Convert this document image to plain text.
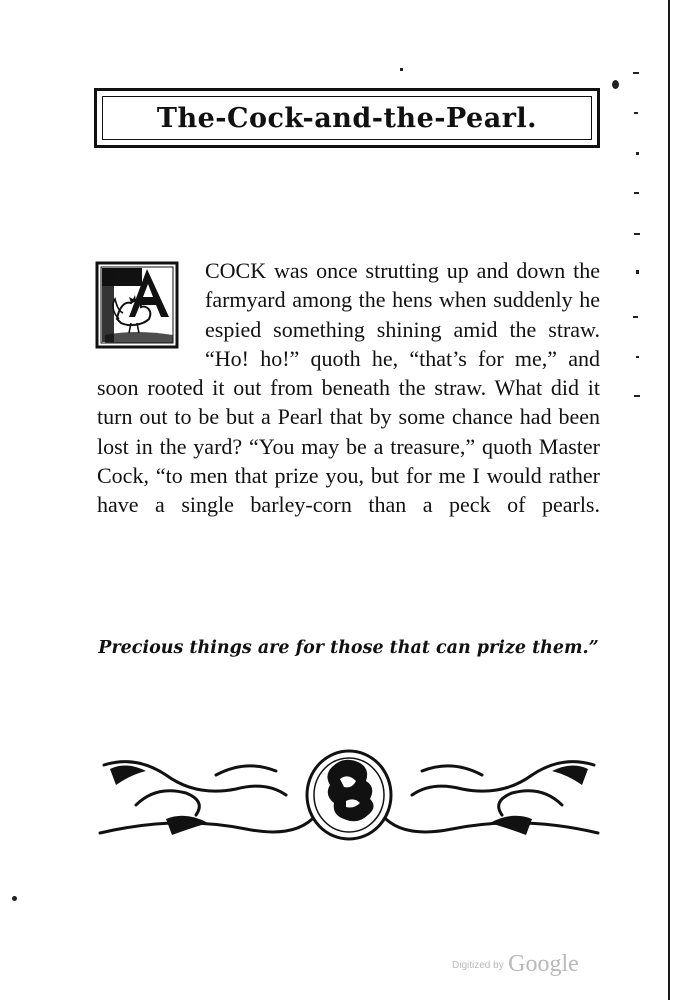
The-Cock-and-the-Pearl.
COCK was once strutting up and down the farmyard among the hens when suddenly he espied something shining amid the straw. “Ho! ho!” quoth he, “that’s for me,” and soon rooted it out from beneath the straw. What did it turn out to be but a Pearl that by some chance had been lost in the yard? “You may be a treasure,” quoth Master Cock, “to men that prize you, but for me I would rather have a single barley-corn than a peck of pearls.
Precious things are for those that can prize them.”
Digitized by Google
